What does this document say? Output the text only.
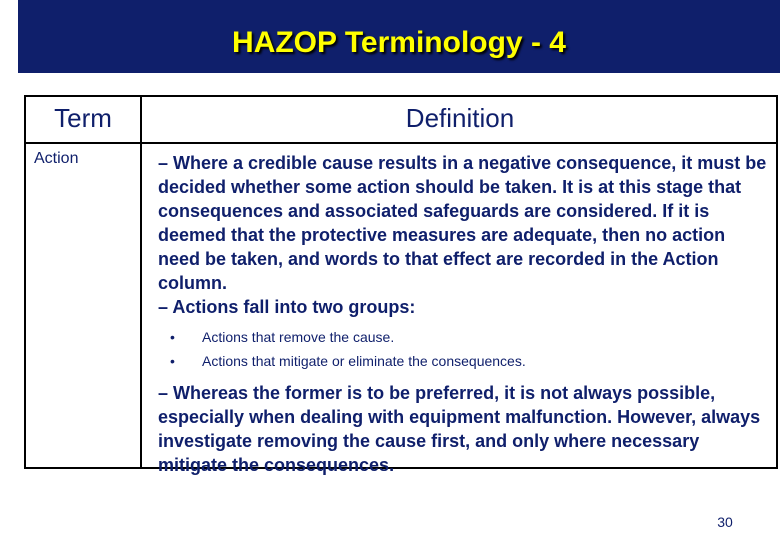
HAZOP Terminology - 4
Term	Definition
Action	– Where a credible cause results in a negative consequence, it must be decided whether some action should be taken. It is at this stage that consequences and associated safeguards are considered. If it is deemed that the protective measures are adequate, then no action need be taken, and words to that effect are recorded in the Action column.

– Actions fall into two groups:

• Actions that remove the cause.
• Actions that mitigate or eliminate the consequences.

– Whereas the former is to be preferred, it is not always possible, especially when dealing with equipment malfunction. However, always investigate removing the cause first, and only where necessary mitigate the consequences.

30
